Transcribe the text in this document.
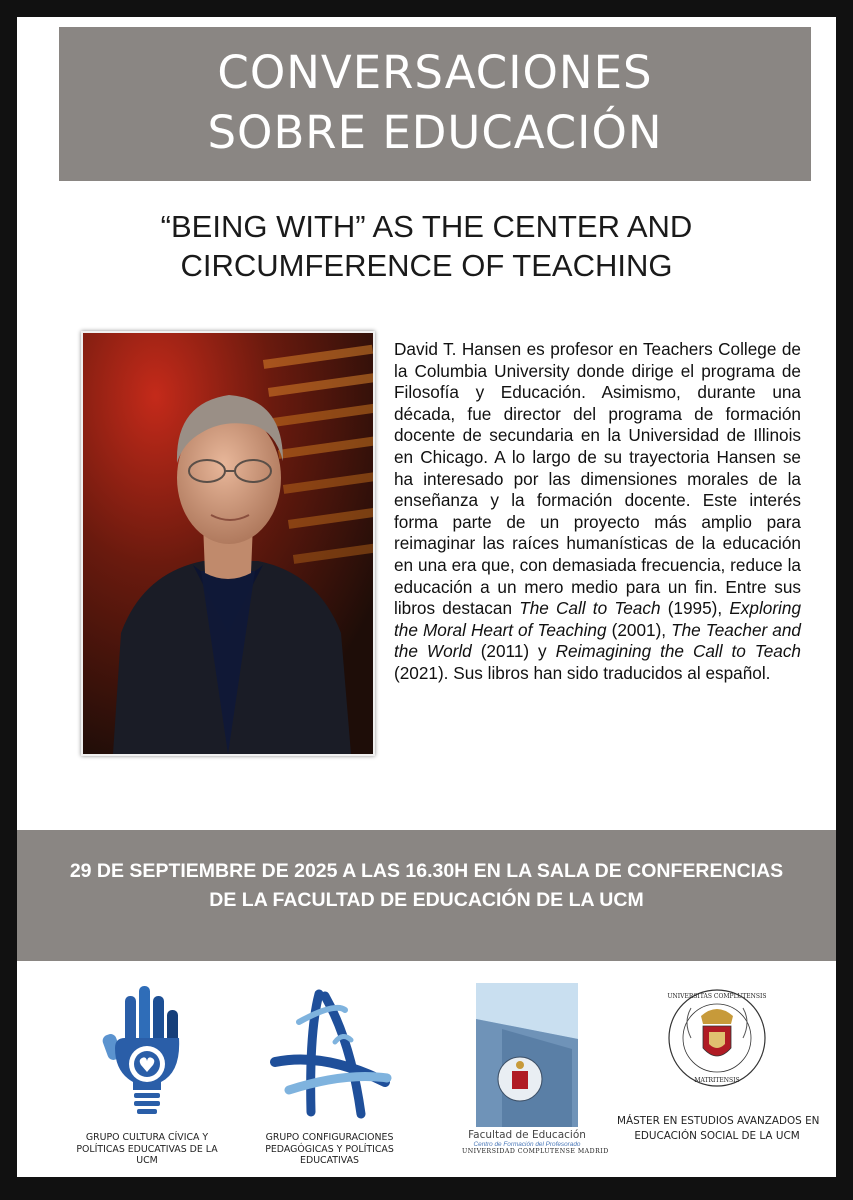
CONVERSACIONES
SOBRE EDUCACIÓN
“BEING WITH” AS THE CENTER AND
CIRCUMFERENCE OF TEACHING
David T. Hansen es profesor en Teachers College de la Columbia University donde dirige el programa de Filosofía y Educación. Asimismo, durante una década, fue director del programa de formación docente de secundaria en la Universidad de Illinois en Chicago. A lo largo de su trayectoria Hansen se ha interesado por las dimensiones morales de la enseñanza y la formación docente. Este interés forma parte de un proyecto más amplio para reimaginar las raíces humanísticas de la educación en una era que, con demasiada frecuencia, reduce la educación a un mero medio para un fin. Entre sus libros destacan The Call to Teach (1995), Exploring the Moral Heart of Teaching (2001), The Teacher and the World (2011) y Reimagining the Call to Teach (2021). Sus libros han sido traducidos al español.
29 DE SEPTIEMBRE DE 2025 A LAS 16.30H EN LA SALA DE CONFERENCIAS
DE LA FACULTAD DE EDUCACIÓN DE LA UCM
GRUPO CULTURA CÍVICA Y
POLÍTICAS EDUCATIVAS DE LA
UCM
GRUPO CONFIGURACIONES
PEDAGÓGICAS Y POLÍTICAS
EDUCATIVAS
Facultad de Educación
Centro de Formación del Profesorado
UNIVERSIDAD COMPLUTENSE MADRID
UNIVERSITAS COMPLUTENSIS
MATRITENSIS
MÁSTER EN ESTUDIOS AVANZADOS EN
EDUCACIÓN SOCIAL DE LA UCM
